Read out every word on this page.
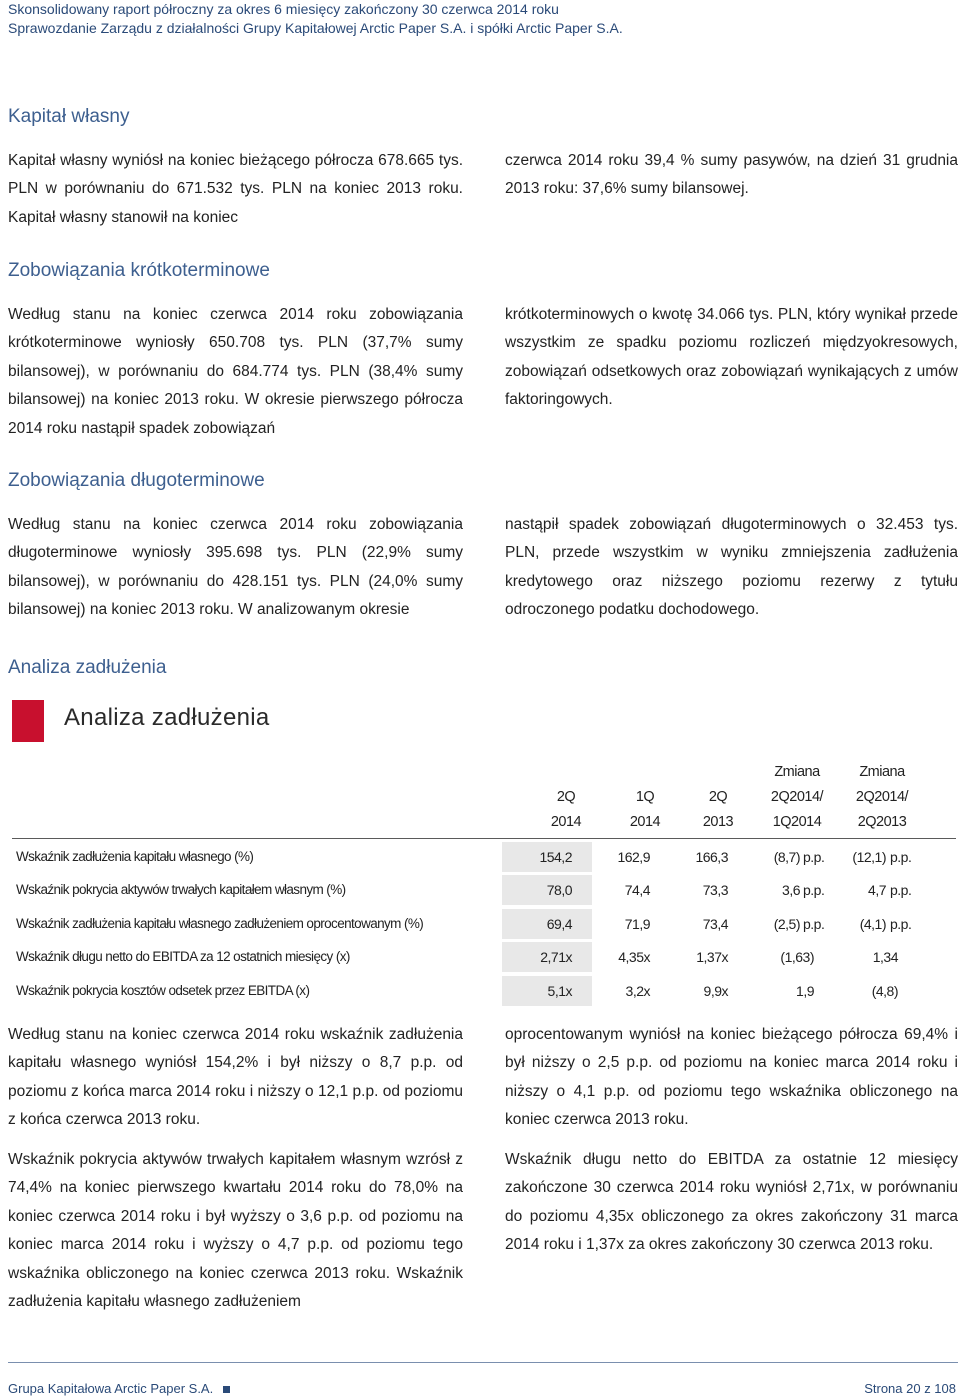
Skonsolidowany raport półroczny za okres 6 miesięcy zakończony 30 czerwca 2014 roku
Sprawozdanie Zarządu z działalności Grupy Kapitałowej Arctic Paper S.A. i spółki Arctic Paper S.A.
Kapitał własny

Kapitał własny wyniósł na koniec bieżącego półrocza 678.665 tys. PLN w porównaniu do 671.532 tys. PLN na koniec 2013 roku. Kapitał własny stanowił na koniec

czerwca 2014 roku 39,4 % sumy pasywów, na dzień 31 grudnia 2013 roku: 37,6% sumy bilansowej.

Zobowiązania krótkoterminowe

Według stanu na koniec czerwca 2014 roku zobowiązania krótkoterminowe wyniosły 650.708 tys. PLN (37,7% sumy bilansowej), w porównaniu do 684.774 tys. PLN (38,4% sumy bilansowej) na koniec 2013 roku. W okresie pierwszego półrocza 2014 roku nastąpił spadek zobowiązań

krótkoterminowych o kwotę 34.066 tys. PLN, który wynikał przede wszystkim ze spadku poziomu rozliczeń międzyokresowych, zobowiązań odsetkowych oraz zobowiązań wynikających z umów faktoringowych.

Zobowiązania długoterminowe

Według stanu na koniec czerwca 2014 roku zobowiązania długoterminowe wyniosły 395.698 tys. PLN (22,9% sumy bilansowej), w porównaniu do 428.151 tys. PLN (24,0% sumy bilansowej) na koniec 2013 roku. W analizowanym okresie

nastąpił spadek zobowiązań długoterminowych o 32.453 tys. PLN, przede wszystkim w wyniku zmniejszenia zadłużenia kredytowego oraz niższego poziomu rezerwy z tytułu odroczonego podatku dochodowego.

Analiza zadłużenia
Analiza zadłużenia

2Q
2014

1Q
2014

2Q
2013
Zmiana
2Q2014/
1Q2014
Zmiana
2Q2014/
2Q2013
Wskaźnik zadłużenia kapitału własnego (%)	154,2	162,9	166,3	(8,7) p.p. (12,1) p.p.
Wskaźnik pokrycia aktywów trwałych kapitałem własnym (%)	78,0	74,4	73,3	3,6 p.p.	4,7 p.p.
Wskaźnik zadłużenia kapitału własnego zadłużeniem oprocentowanym (%)	69,4	71,9	73,4	(2,5) p.p.	(4,1) p.p.
Wskaźnik długu netto do EBITDA za 12 ostatnich miesięcy (x)	2,71x	4,35x	1,37x	(1,63)	1,34
Wskaźnik pokrycia kosztów odsetek przez EBITDA (x)	5,1x	3,2x	9,9x	1,9	(4,8)

Według stanu na koniec czerwca 2014 roku wskaźnik zadłużenia kapitału własnego wyniósł 154,2% i był niższy o 8,7 p.p. od poziomu z końca marca 2014 roku i niższy o 12,1 p.p. od poziomu z końca czerwca 2013 roku.

Wskaźnik pokrycia aktywów trwałych kapitałem własnym wzrósł z 74,4% na koniec pierwszego kwartału 2014 roku do 78,0% na koniec czerwca 2014 roku i był wyższy o 3,6 p.p. od poziomu na koniec marca 2014 roku i wyższy o 4,7 p.p. od poziomu tego wskaźnika obliczonego na koniec czerwca 2013 roku. Wskaźnik zadłużenia kapitału własnego zadłużeniem

oprocentowanym wyniósł na koniec bieżącego półrocza 69,4% i był niższy o 2,5 p.p. od poziomu na koniec marca 2014 roku i niższy o 4,1 p.p. od poziomu tego wskaźnika obliczonego na koniec czerwca 2013 roku.

Wskaźnik długu netto do EBITDA za ostatnie 12 miesięcy zakończone 30 czerwca 2014 roku wyniósł 2,71x, w porównaniu do poziomu 4,35x obliczonego za okres zakończony 31 marca 2014 roku i 1,37x za okres zakończony 30 czerwca 2013 roku.

Grupa Kapitałowa Arctic Paper S.A.	Strona 20 z 108
